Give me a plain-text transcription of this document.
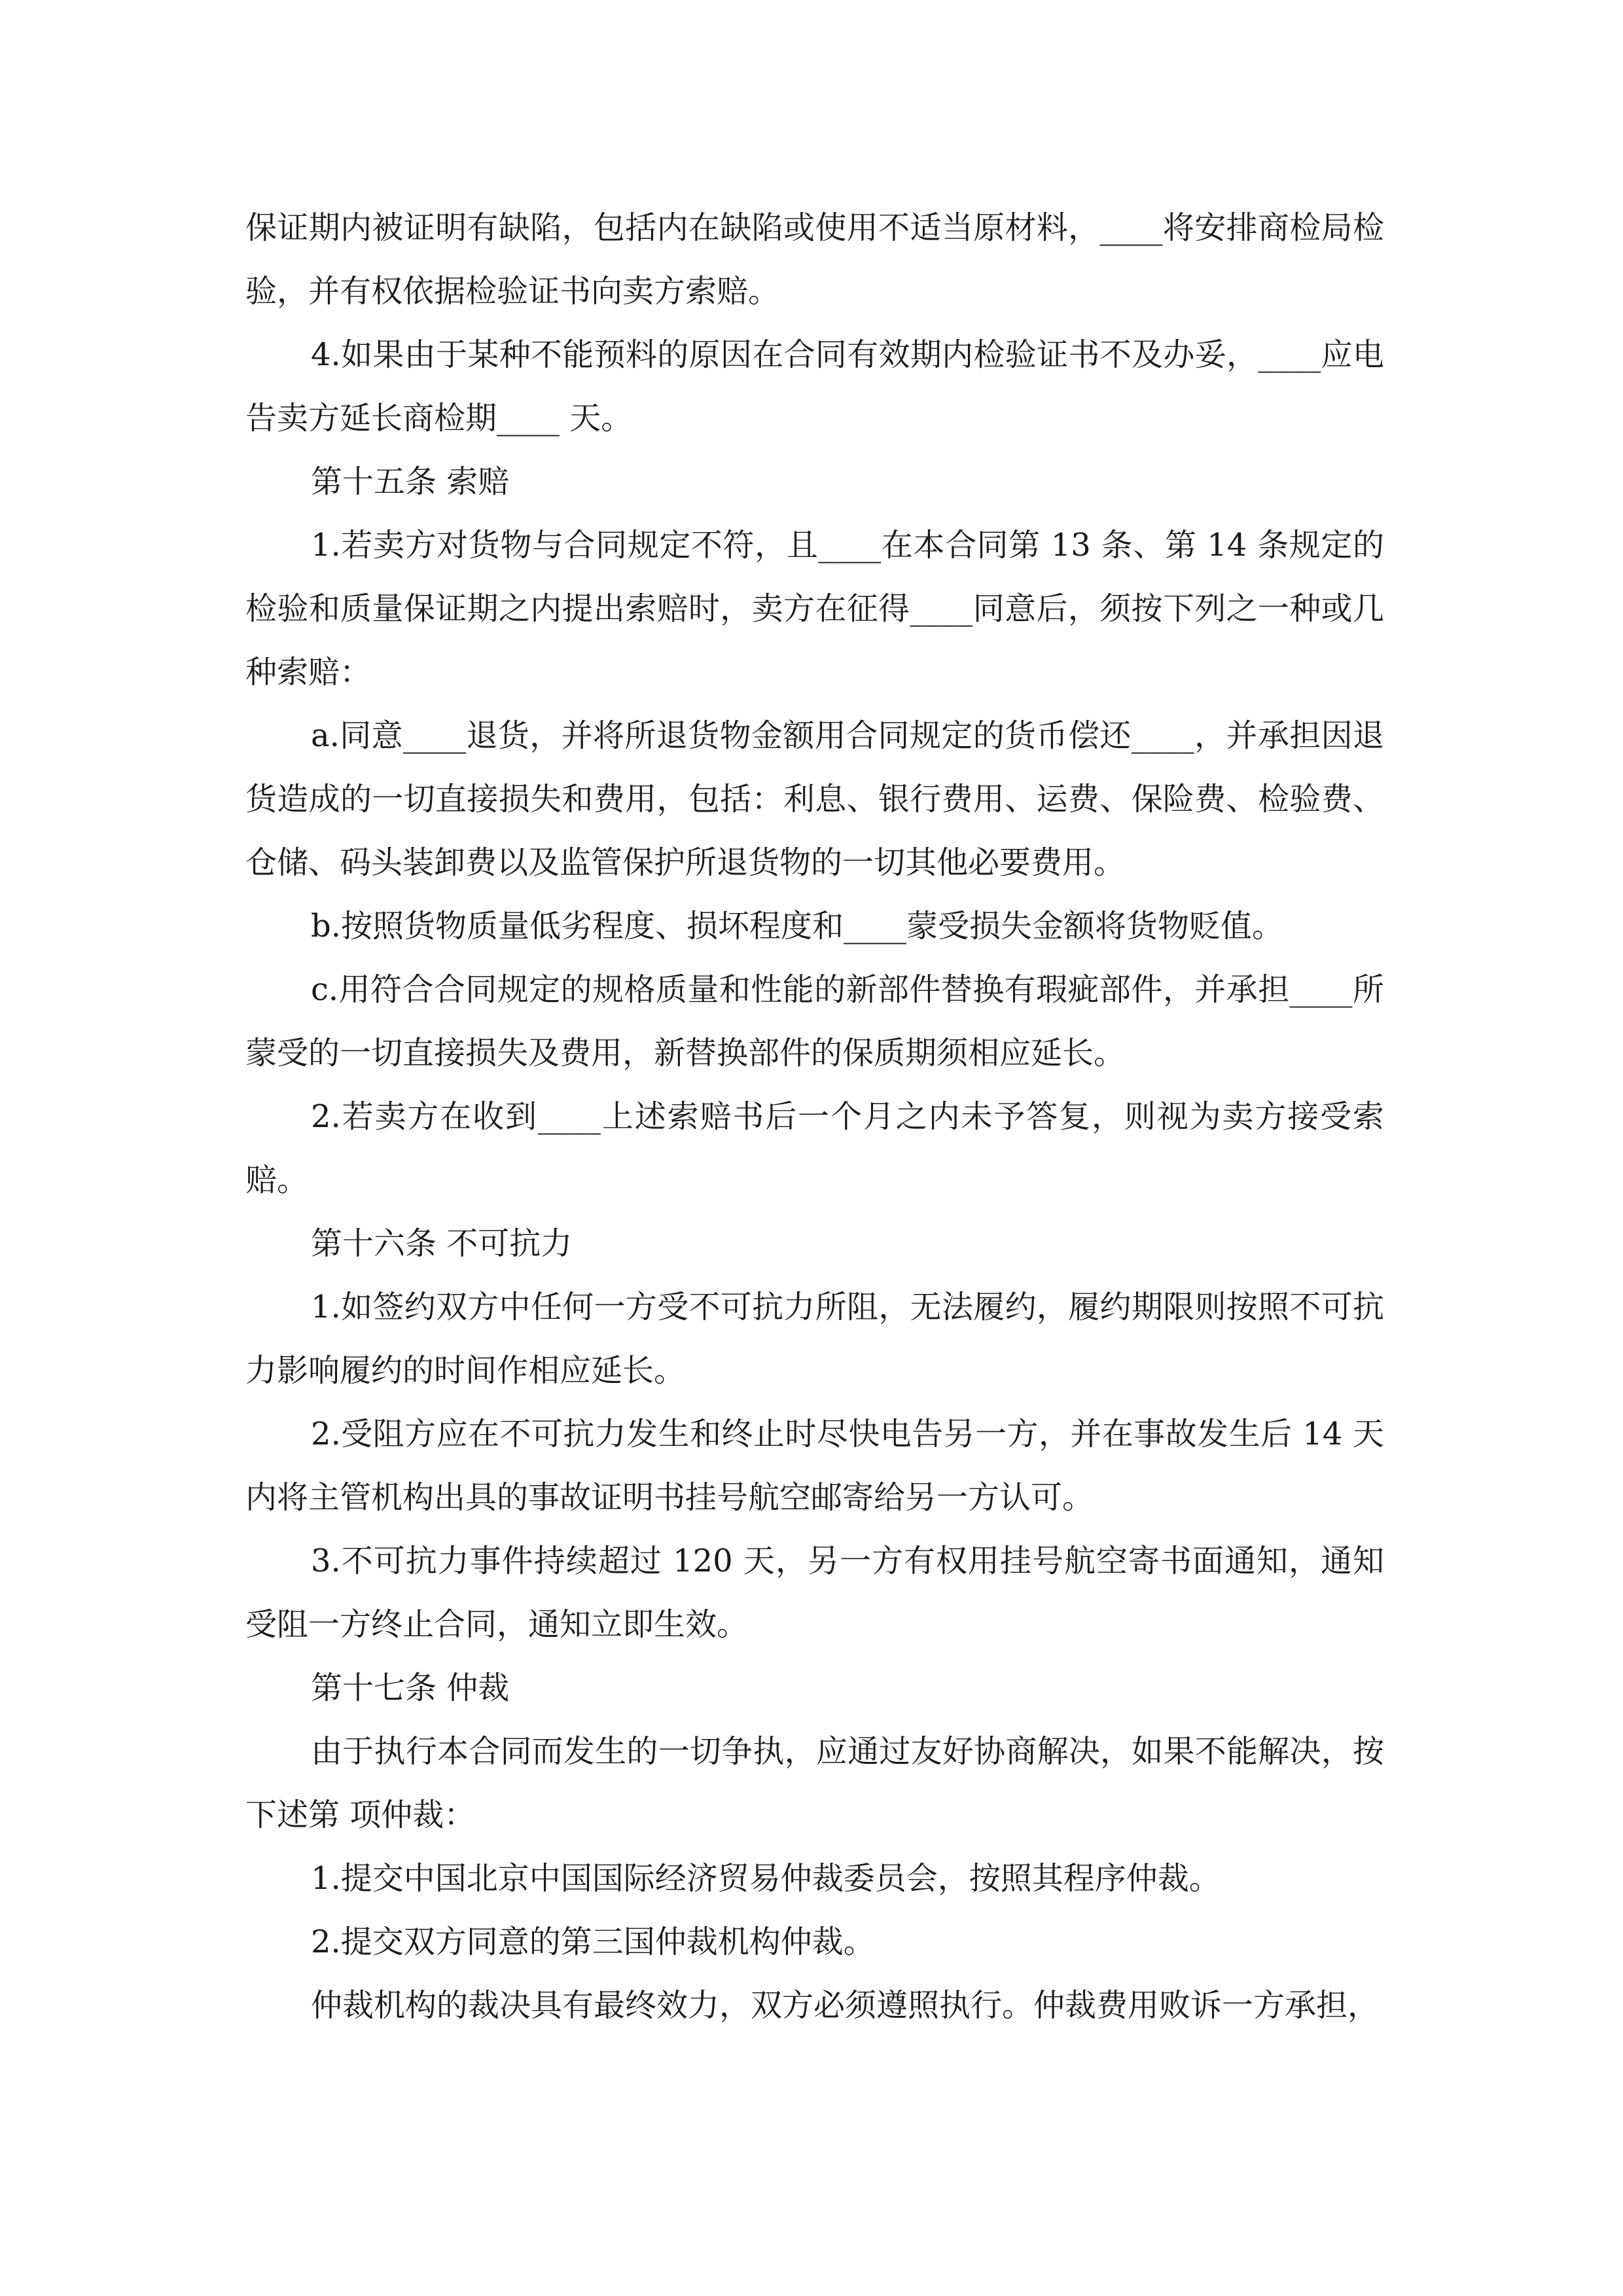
保证期内被证明有缺陷，包括内在缺陷或使用不适当原材料，____将安排商检局检验，并有权依据检验证书向卖方索赔。

4.如果由于某种不能预料的原因在合同有效期内检验证书不及办妥，____应电告卖方延长商检期____ 天。

第十五条 索赔

1.若卖方对货物与合同规定不符，且____在本合同第 13 条、第 14 条规定的检验和质量保证期之内提出索赔时，卖方在征得____同意后，须按下列之一种或几种索赔：

a.同意____退货，并将所退货物金额用合同规定的货币偿还____，并承担因退货造成的一切直接损失和费用，包括：利息、银行费用、运费、保险费、检验费、仓储、码头装卸费以及监管保护所退货物的一切其他必要费用。

b.按照货物质量低劣程度、损坏程度和____蒙受损失金额将货物贬值。

c.用符合合同规定的规格质量和性能的新部件替换有瑕疵部件，并承担____所蒙受的一切直接损失及费用，新替换部件的保质期须相应延长。

2.若卖方在收到____上述索赔书后一个月之内未予答复，则视为卖方接受索赔。

第十六条 不可抗力

1.如签约双方中任何一方受不可抗力所阻，无法履约，履约期限则按照不可抗力影响履约的时间作相应延长。

2.受阻方应在不可抗力发生和终止时尽快电告另一方，并在事故发生后 14 天内将主管机构出具的事故证明书挂号航空邮寄给另一方认可。

3.不可抗力事件持续超过 120 天，另一方有权用挂号航空寄书面通知，通知受阻一方终止合同，通知立即生效。

第十七条 仲裁

由于执行本合同而发生的一切争执，应通过友好协商解决，如果不能解决，按下述第 项仲裁：

1.提交中国北京中国国际经济贸易仲裁委员会，按照其程序仲裁。

2.提交双方同意的第三国仲裁机构仲裁。

仲裁机构的裁决具有最终效力，双方必须遵照执行。仲裁费用败诉一方承担，
